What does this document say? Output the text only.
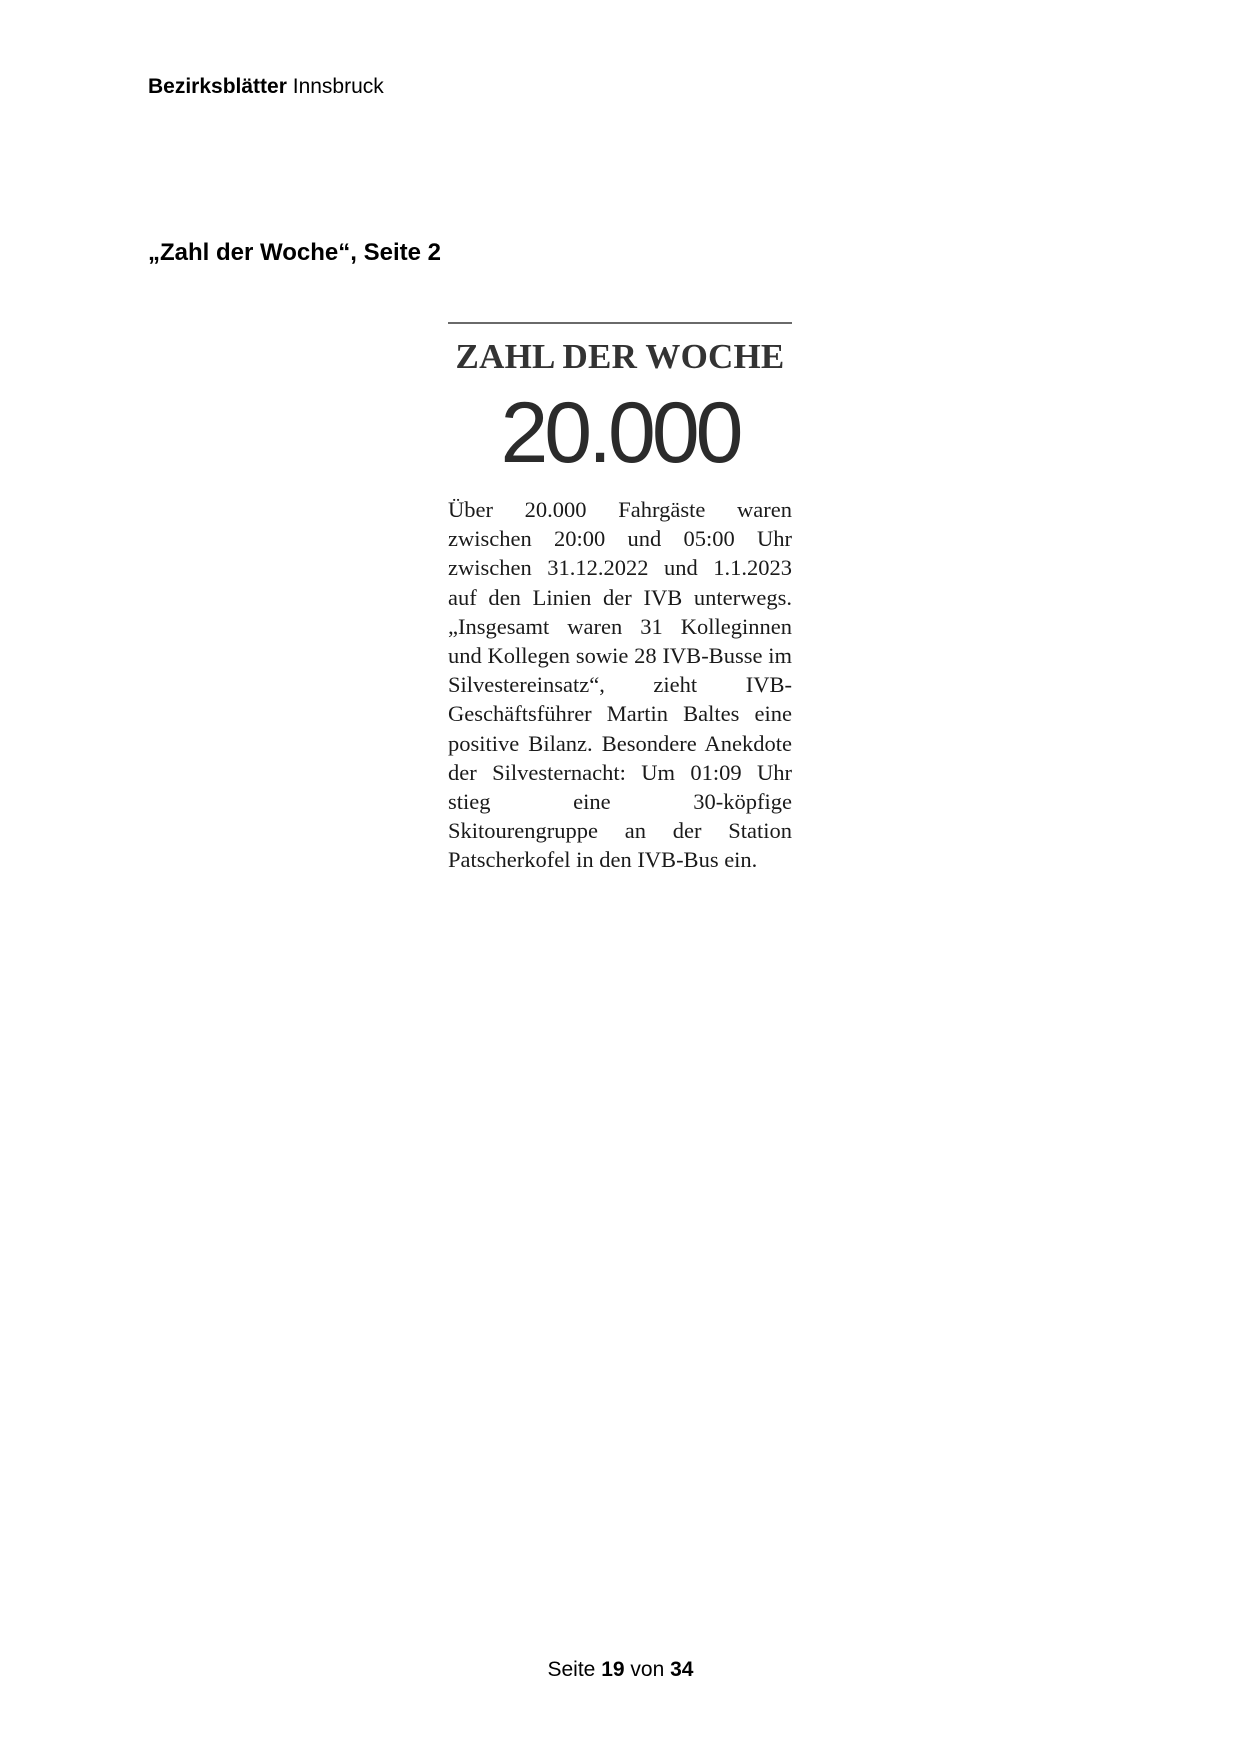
Bezirksblätter Innsbruck
„Zahl der Woche“, Seite 2
ZAHL DER WOCHE
20.000
Über 20.000 Fahrgäste waren zwischen 20:00 und 05:00 Uhr zwischen 31.12.2022 und 1.1.2023 auf den Linien der IVB unterwegs. „Insgesamt waren 31 Kolleginnen und Kollegen sowie 28 IVB-Busse im Silvestereinsatz“, zieht IVB-Geschäftsführer Martin Baltes eine positive Bilanz. Besondere Anekdote der Silvesternacht: Um 01:09 Uhr stieg eine 30-köpfige Skitourengruppe an der Station Patscherkofel in den IVB-Bus ein.
Seite 19 von 34
